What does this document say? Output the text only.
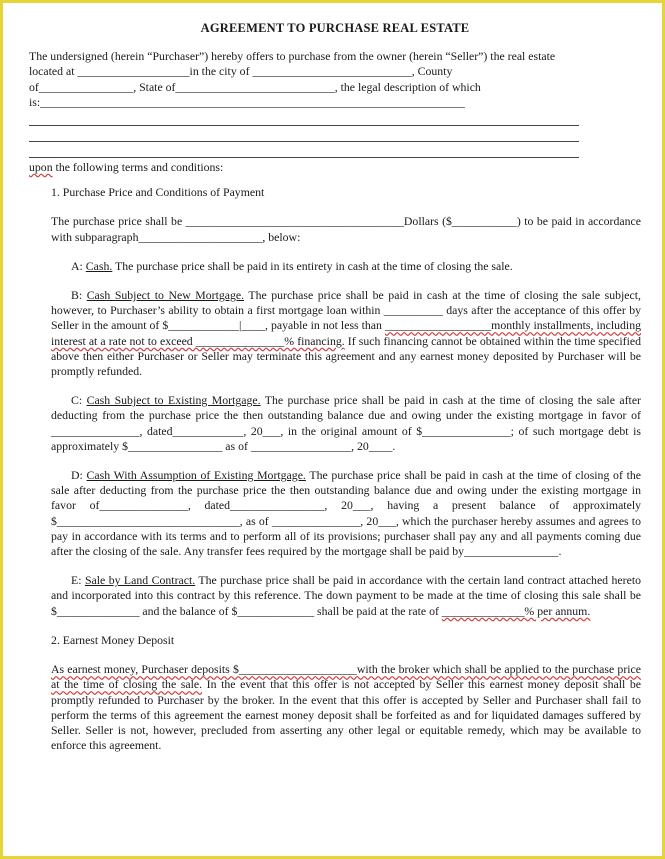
AGREEMENT TO PURCHASE REAL ESTATE

The undersigned (herein “Purchaser”) hereby offers to purchase from the owner (herein “Seller”) the real estate

located at ___________________in the city of ___________________________, County

of________________, State of___________________________, the legal description of which

is:________________________________________________________________________

upon the following terms and conditions:

1. Purchase Price and Conditions of Payment

The purchase price shall be _____________________________________Dollars ($___________) to be paid in accordance with subparagraph_____________________, below:

A: Cash. The purchase price shall be paid in its entirety in cash at the time of closing the sale.

B: Cash Subject to New Mortgage. The purchase price shall be paid in cash at the time of closing the sale subject, however, to Purchaser’s ability to obtain a first mortgage loan within __________ days after the acceptance of this offer by Seller in the amount of $____________|____, payable in not less than __________________monthly installments, including interest at a rate not to exceed _______________% financing. If such financing cannot be obtained within the time specified above then either Purchaser or Seller may terminate this agreement and any earnest money deposited by Purchaser will be promptly refunded.

C: Cash Subject to Existing Mortgage. The purchase price shall be paid in cash at the time of closing the sale after deducting from the purchase price the then outstanding balance due and owing under the existing mortgage in favor of _______________, dated____________, 20___, in the original amount of $_______________; of such mortgage debt is approximately $________________ as of _________________, 20____.

D: Cash With Assumption of Existing Mortgage. The purchase price shall be paid in cash at the time of closing of the sale after deducting from the purchase price the then outstanding balance due and owing under the existing mortgage in favor of_______________, dated________________, 20___, having a present balance of approximately $_______________________________, as of _______________, 20___, which the purchaser hereby assumes and agrees to pay in accordance with its terms and to perform all of its provisions; purchaser shall pay any and all payments coming due after the closing of the sale. Any transfer fees required by the mortgage shall be paid by________________.

E: Sale by Land Contract. The purchase price shall be paid in accordance with the certain land contract attached hereto and incorporated into this contract by this reference. The down payment to be made at the time of closing this sale shall be $______________ and the balance of $_____________ shall be paid at the rate of ______________% per annum.

2. Earnest Money Deposit

As earnest money, Purchaser deposits $____________________with the broker which shall be applied to the purchase price at the time of closing the sale. In the event that this offer is not accepted by Seller this earnest money deposit shall be promptly refunded to Purchaser by the broker. In the event that this offer is accepted by Seller and Purchaser shall fail to perform the terms of this agreement the earnest money deposit shall be forfeited as and for liquidated damages suffered by Seller. Seller is not, however, precluded from asserting any other legal or equitable remedy, which may be available to enforce this agreement.
